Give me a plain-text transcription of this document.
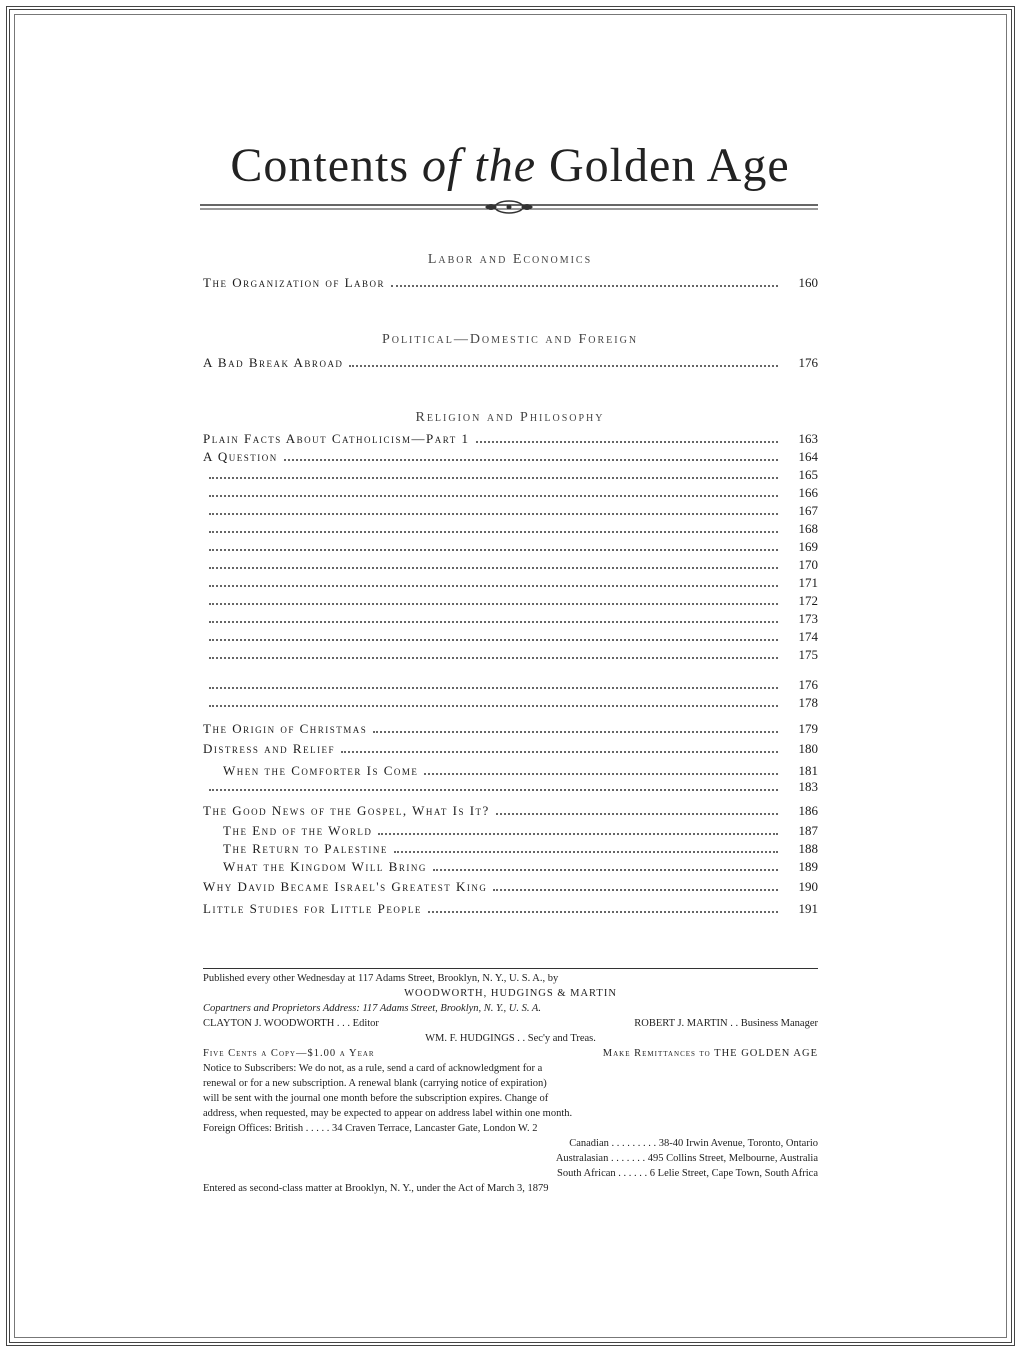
Contents of the Golden Age
Labor and Economics
Political—Domestic and Foreign
Religion and Philosophy
The Organization of Labor	160
A Bad Break Abroad	176
Plain Facts About Catholicism—Part 1	163
A Question	164
165
166
167
168
169
170
171
172
173
174
175
176
178
The Origin of Christmas	179
Distress and Relief	180
When the Comforter Is Come	181
183
The Good News of the Gospel, What Is It?	186
The End of the World	187
The Return to Palestine	188
What the Kingdom Will Bring	189
Why David Became Israel's Greatest King	190
Little Studies for Little People	191
Published every other Wednesday at 117 Adams Street, Brooklyn, N. Y., U. S. A., by
WOODWORTH, HUDGINGS & MARTIN
Copartners and Proprietors Address: 117 Adams Street, Brooklyn, N. Y., U. S. A.
CLAYTON J. WOODWORTH . . . Editor	ROBERT J. MARTIN . . Business Manager
WM. F. HUDGINGS . . Sec'y and Treas.
Five Cents a Copy—$1.00 a Year	Make Remittances to THE GOLDEN AGE
Notice to Subscribers: We do not, as a rule, send a card of acknowledgment for a
renewal or for a new subscription. A renewal blank (carrying notice of expiration)
will be sent with the journal one month before the subscription expires. Change of
address, when requested, may be expected to appear on address label within one month.
Foreign Offices: British . . . . . 34 Craven Terrace, Lancaster Gate, London W. 2
Canadian . . . . . . . . . 38-40 Irwin Avenue, Toronto, Ontario
Australasian . . . . . . . 495 Collins Street, Melbourne, Australia
South African . . . . . . 6 Lelie Street, Cape Town, South Africa
Entered as second-class matter at Brooklyn, N. Y., under the Act of March 3, 1879
